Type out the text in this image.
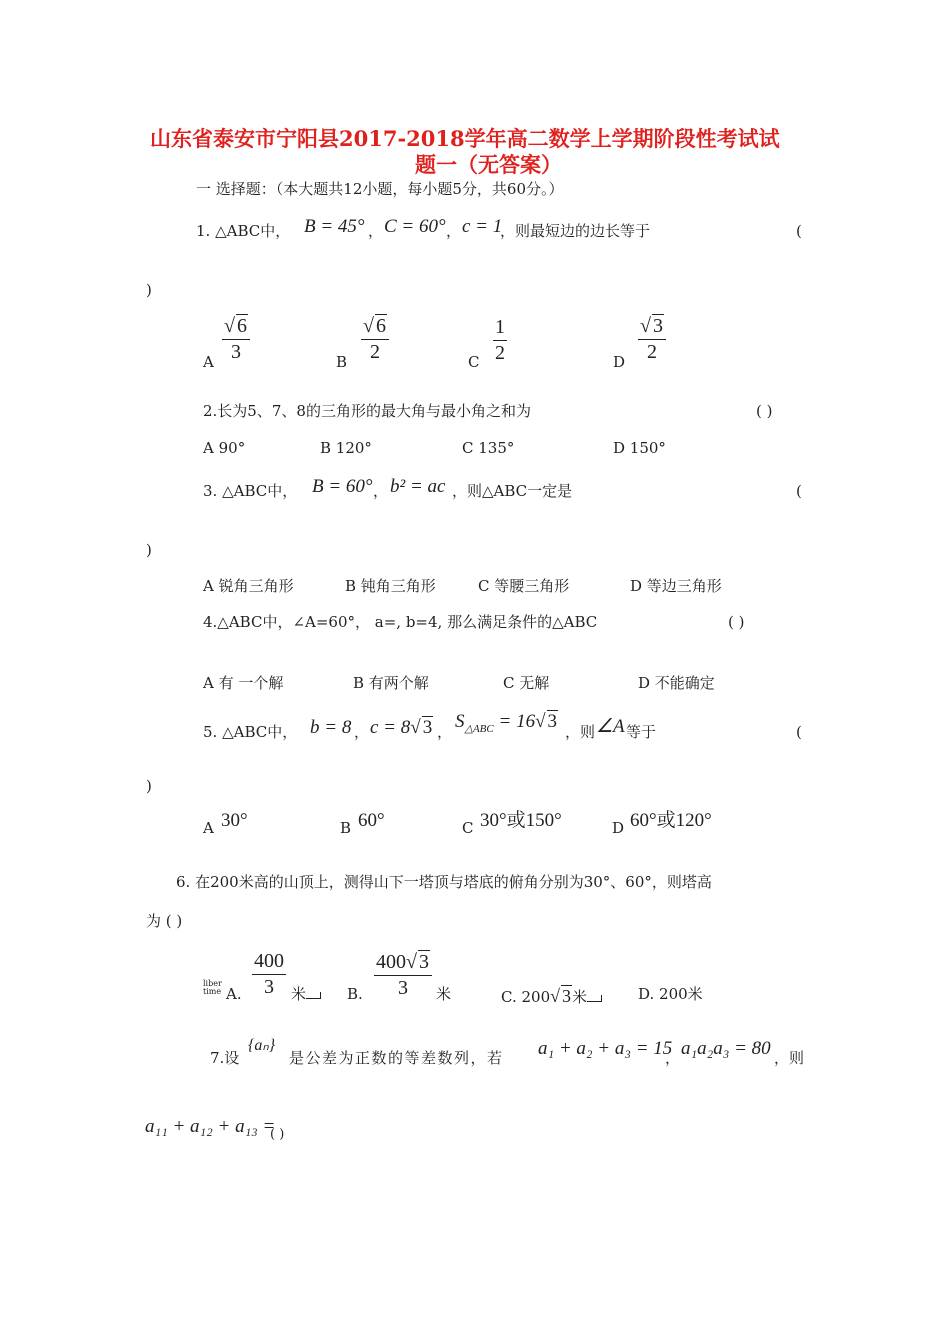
山东省泰安市宁阳县2017-2018学年高二数学上学期阶段性考试试
题一（无答案）
一 选择题：（本大题共12小题，每小题5分，共60分。）
1. △ABC中， B = 45° ， C = 60° ， c = 1
，则最短边的边长等于	(
)
A $\frac{√ 6}{3}$	B $\frac{√ 6}{2}$	C $\frac{1}{2}$	D $\frac{√ 3}{2}$
2.长为5、7、8的三角形的最大角与最小角之和为	( )
A 90°	B 120°	C 135°	D 150°
3. △ABC中， B = 60° ， b² = ac ，则△ABC一定是	(
)
A 锐角三角形	B 钝角三角形	C 等腰三角形	D 等边三角形
4.△ABC中，∠A=60°， a=, b=4, 那么满足条件的△ABC	( )
A 有 一个解	B 有两个解	C 无解	D 不能确定
5. △ABC中， b = 8 ， c = 8√ 3 ， $S_{\triangle ABC} = 16√$ 3 ，则 ∠A 等于	(
)
A 30°	B 60°	C 30°或150°	D 60°或120°
6. 在200米高的山顶上，测得山下一塔顶与塔底的俯角分别为30°、60°，则塔高
为 ( )
liber
time A. $\frac{400}{3}$ 米	B. $\frac{400√ 3}{3}$ 米	C. 200√ 3米	D. 200米
7.设
{aₙ}
是公差为正数的等差数列，若 a₁ + a₂ + a₃ = 15
， a₁a₂a₃ = 80 ，则
a₁₁ + a₁₂ + a₁₃ =
( )
